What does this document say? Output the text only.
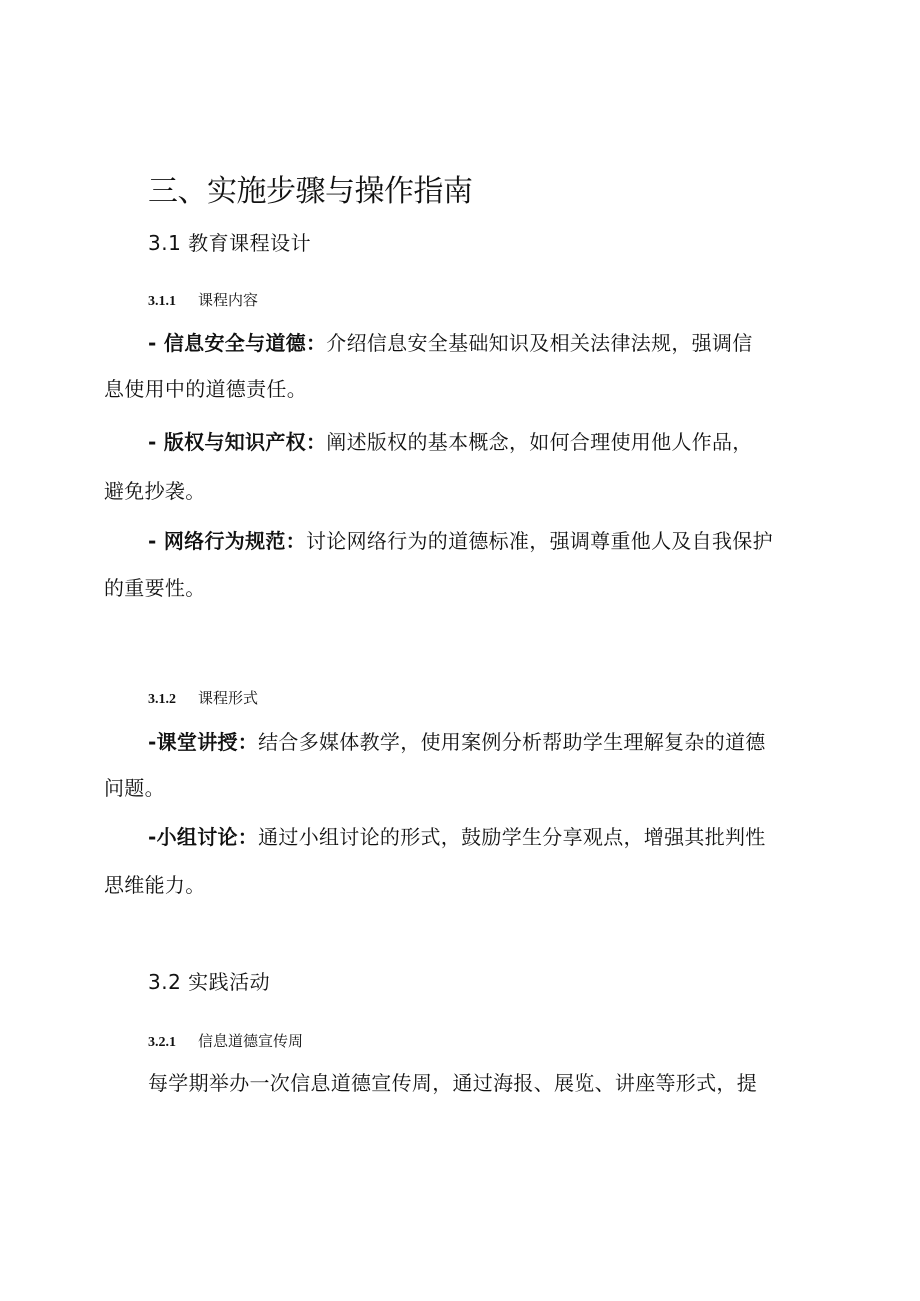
三、实施步骤与操作指南
3.1 教育课程设计
3.1.1 课程内容
- 信息安全与道德：介绍信息安全基础知识及相关法律法规，强调信
息使用中的道德责任。
- 版权与知识产权：阐述版权的基本概念，如何合理使用他人作品，
避免抄袭。
- 网络行为规范：讨论网络行为的道德标准，强调尊重他人及自我保护
的重要性。
3.1.2 课程形式
-课堂讲授：结合多媒体教学，使用案例分析帮助学生理解复杂的道德
问题。
-小组讨论：通过小组讨论的形式，鼓励学生分享观点，增强其批判性
思维能力。
3.2 实践活动
3.2.1 信息道德宣传周
每学期举办一次信息道德宣传周，通过海报、展览、讲座等形式，提
